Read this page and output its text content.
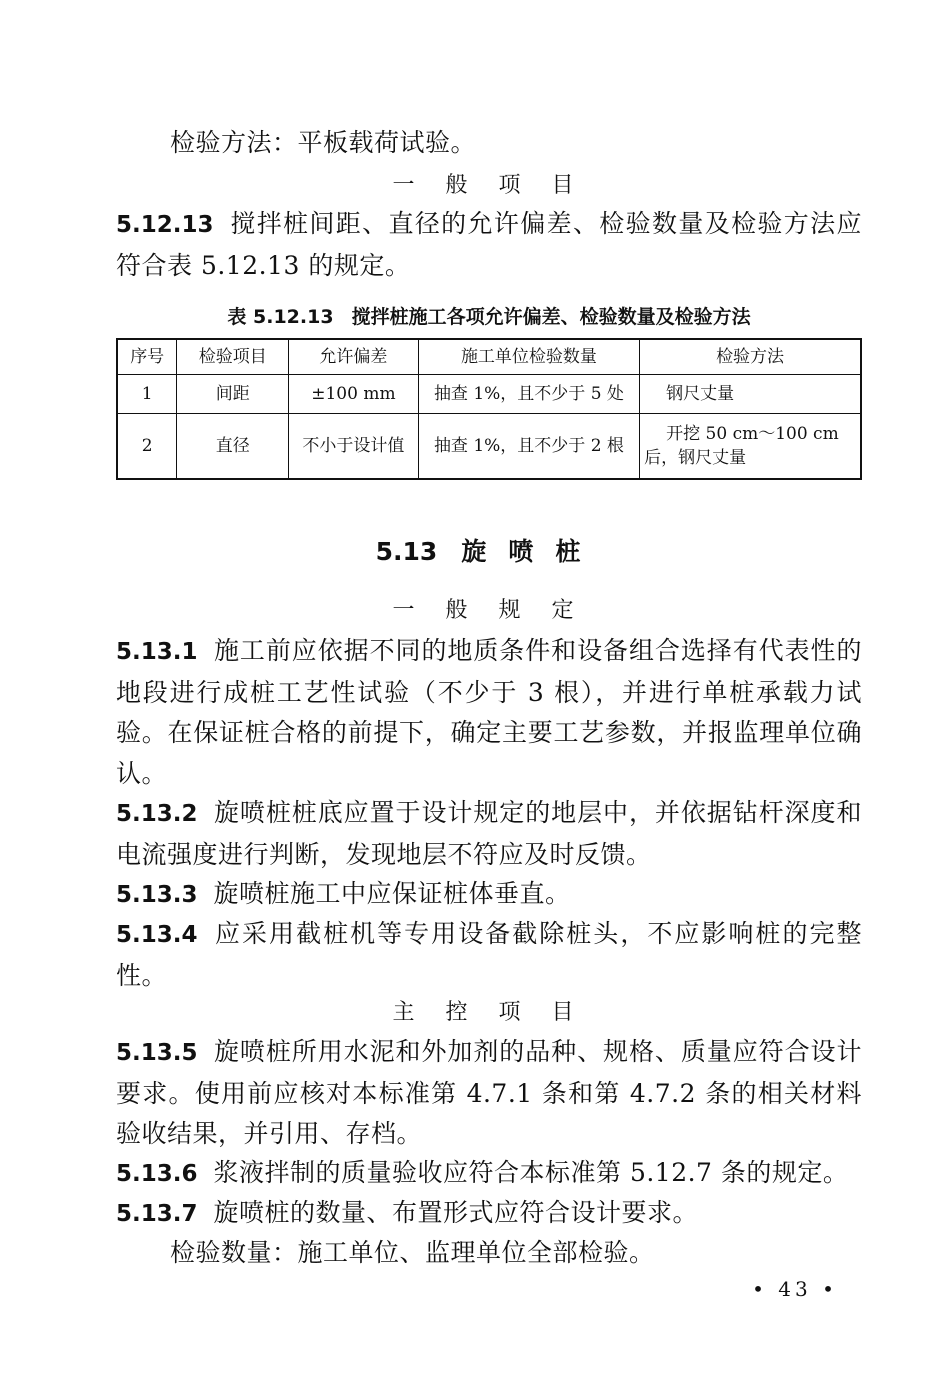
检验方法：平板载荷试验。
一 般 项 目
5.12.13 搅拌桩间距、直径的允许偏差、检验数量及检验方法应符合表 5.12.13 的规定。
表 5.12.13 搅拌桩施工各项允许偏差、检验数量及检验方法
序号	检验项目	允许偏差	施工单位检验数量	检验方法
1	间距	±100 mm	抽查 1%，且不少于 5 处	钢尺丈量
2	直径	不小于设计值	抽查 1%，且不少于 2 根	开挖 50 cm～100 cm 后，钢尺丈量
5.13 旋喷桩
一 般 规 定
5.13.1 施工前应依据不同的地质条件和设备组合选择有代表性的地段进行成桩工艺性试验（不少于 3 根），并进行单桩承载力试验。在保证桩合格的前提下，确定主要工艺参数，并报监理单位确认。
5.13.2 旋喷桩桩底应置于设计规定的地层中，并依据钻杆深度和电流强度进行判断，发现地层不符应及时反馈。
5.13.3 旋喷桩施工中应保证桩体垂直。
5.13.4 应采用截桩机等专用设备截除桩头，不应影响桩的完整性。
主 控 项 目
5.13.5 旋喷桩所用水泥和外加剂的品种、规格、质量应符合设计要求。使用前应核对本标准第 4.7.1 条和第 4.7.2 条的相关材料验收结果，并引用、存档。
5.13.6 浆液拌制的质量验收应符合本标准第 5.12.7 条的规定。
5.13.7 旋喷桩的数量、布置形式应符合设计要求。
检验数量：施工单位、监理单位全部检验。
• 43 •
